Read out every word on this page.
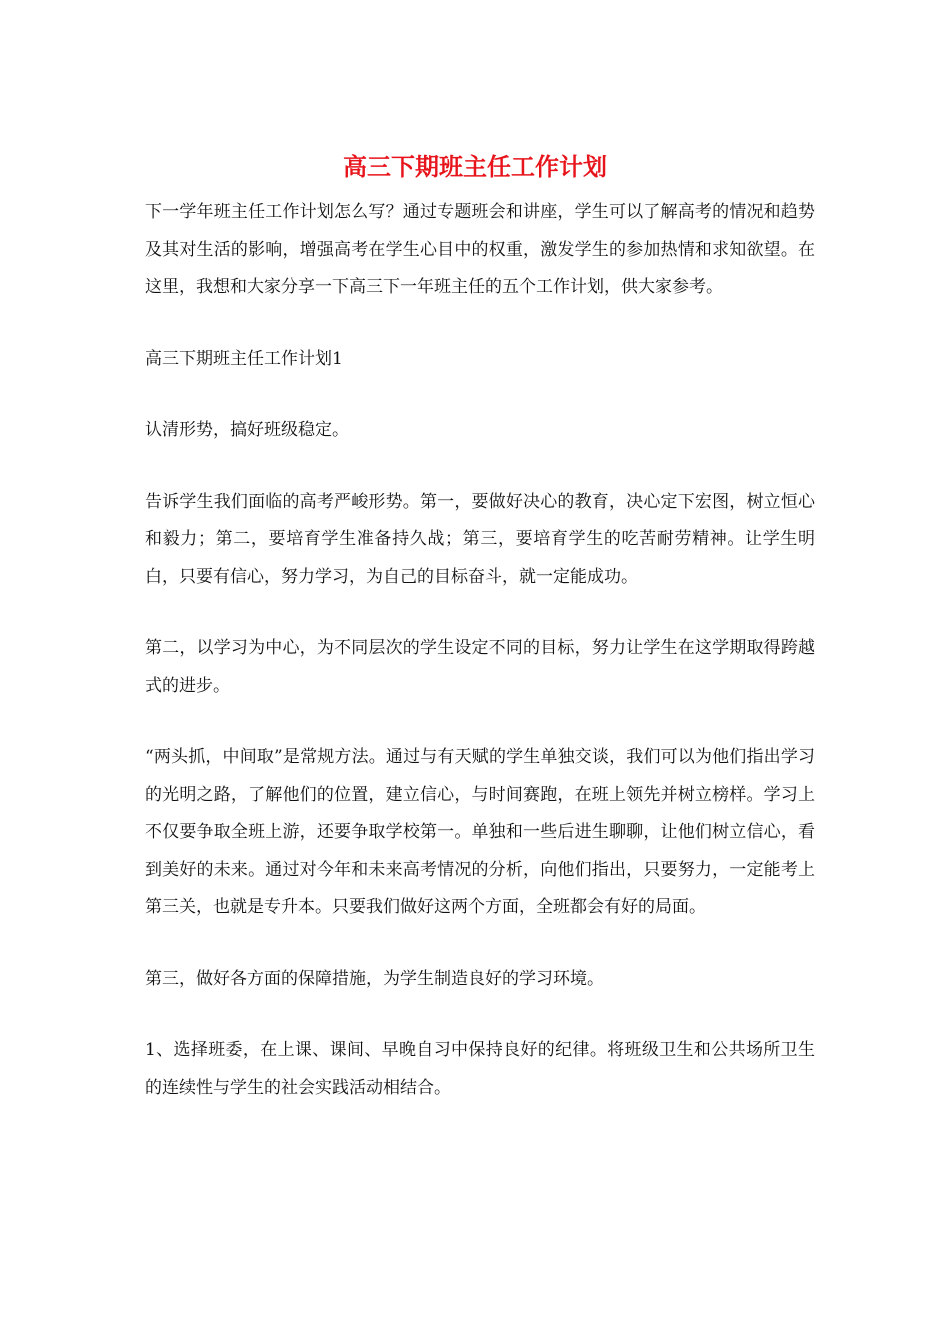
高三下期班主任工作计划

下一学年班主任工作计划怎么写？通过专题班会和讲座，学生可以了解高考的情况和趋势及其对生活的影响，增强高考在学生心目中的权重，激发学生的参加热情和求知欲望。在这里，我想和大家分享一下高三下一年班主任的五个工作计划，供大家参考。

高三下期班主任工作计划1

认清形势，搞好班级稳定。

告诉学生我们面临的高考严峻形势。第一，要做好决心的教育，决心定下宏图，树立恒心和毅力；第二，要培育学生准备持久战；第三，要培育学生的吃苦耐劳精神。让学生明白，只要有信心，努力学习，为自己的目标奋斗，就一定能成功。

第二，以学习为中心，为不同层次的学生设定不同的目标，努力让学生在这学期取得跨越式的进步。

“两头抓，中间取”是常规方法。通过与有天赋的学生单独交谈，我们可以为他们指出学习的光明之路，了解他们的位置，建立信心，与时间赛跑，在班上领先并树立榜样。学习上不仅要争取全班上游，还要争取学校第一。单独和一些后进生聊聊，让他们树立信心，看到美好的未来。通过对今年和未来高考情况的分析，向他们指出，只要努力，一定能考上第三关，也就是专升本。只要我们做好这两个方面，全班都会有好的局面。

第三，做好各方面的保障措施，为学生制造良好的学习环境。

1、选择班委，在上课、课间、早晚自习中保持良好的纪律。将班级卫生和公共场所卫生的连续性与学生的社会实践活动相结合。
